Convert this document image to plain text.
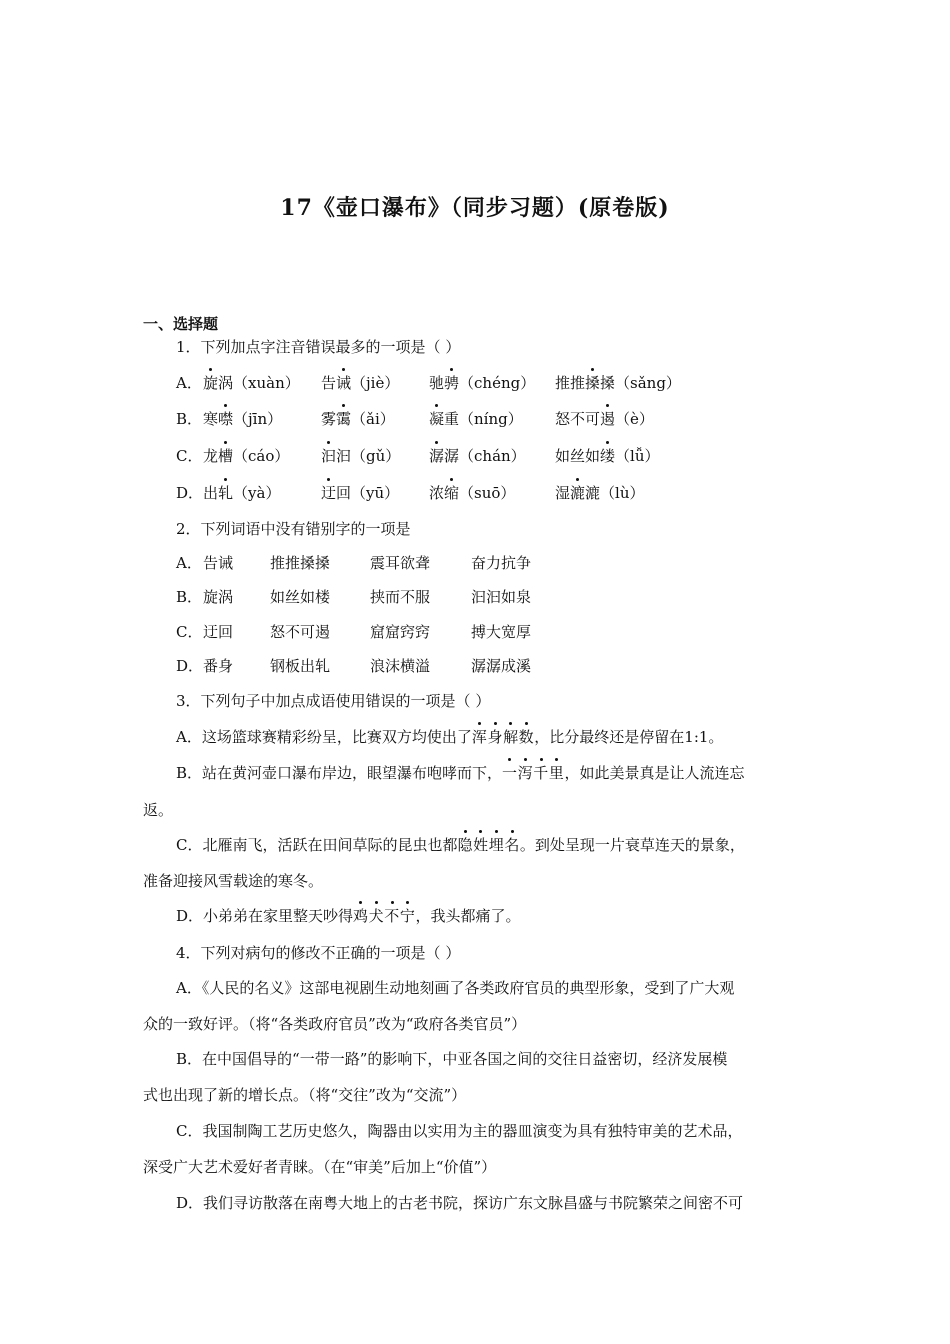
17《壶口瀑布》（同步习题）(原卷版)
一、选择题
1．下列加点字注音错误最多的一项是（ ）
A． 旋涡（xuàn） 告诫（jiè） 驰骋（chéng） 推推搡搡（sǎng）
B． 寒噤（jīn）	雾霭（ǎi） 凝重（níng） 怒不可遏（è）
C． 龙槽（cáo） 汩汩（gǔ） 潺潺（chán） 如丝如缕（lǚ）
D． 出轧（yà）	迂回（yū） 浓缩（suō）	湿漉漉（lù）
2．下列词语中没有错别字的一项是
A． 告诫 推推搡搡	震耳欲聋	奋力抗争
B． 旋涡 如丝如楼	挟而不服	汩汩如泉
C． 迂回 怒不可遏	窟窟窍窍	搏大宽厚
D． 番身 钢板出轧	浪沫横溢	潺潺成溪
3．下列句子中加点成语使用错误的一项是（ ）
A．这场篮球赛精彩纷呈，比赛双方均使出了浑身解数，比分最终还是停留在1:1。
B．站在黄河壶口瀑布岸边，眼望瀑布咆哮而下，一泻千里，如此美景真是让人流连忘
返。
C．北雁南飞，活跃在田间草际的昆虫也都隐姓埋名。到处呈现一片衰草连天的景象，
准备迎接风雪载途的寒冬。
D．小弟弟在家里整天吵得鸡犬不宁，我头都痛了。
4．下列对病句的修改不正确的一项是（ ）
A．《人民的名义》这部电视剧生动地刻画了各类政府官员的典型形象，受到了广大观
众的一致好评。（将“各类政府官员”改为“政府各类官员”）
B．在中国倡导的“一带一路”的影响下，中亚各国之间的交往日益密切，经济发展模
式也出现了新的增长点。（将“交往”改为“交流”）
C．我国制陶工艺历史悠久，陶器由以实用为主的器皿演变为具有独特审美的艺术品，
深受广大艺术爱好者青睐。（在“审美”后加上“价值”）
D．我们寻访散落在南粤大地上的古老书院，探访广东文脉昌盛与书院繁荣之间密不可
